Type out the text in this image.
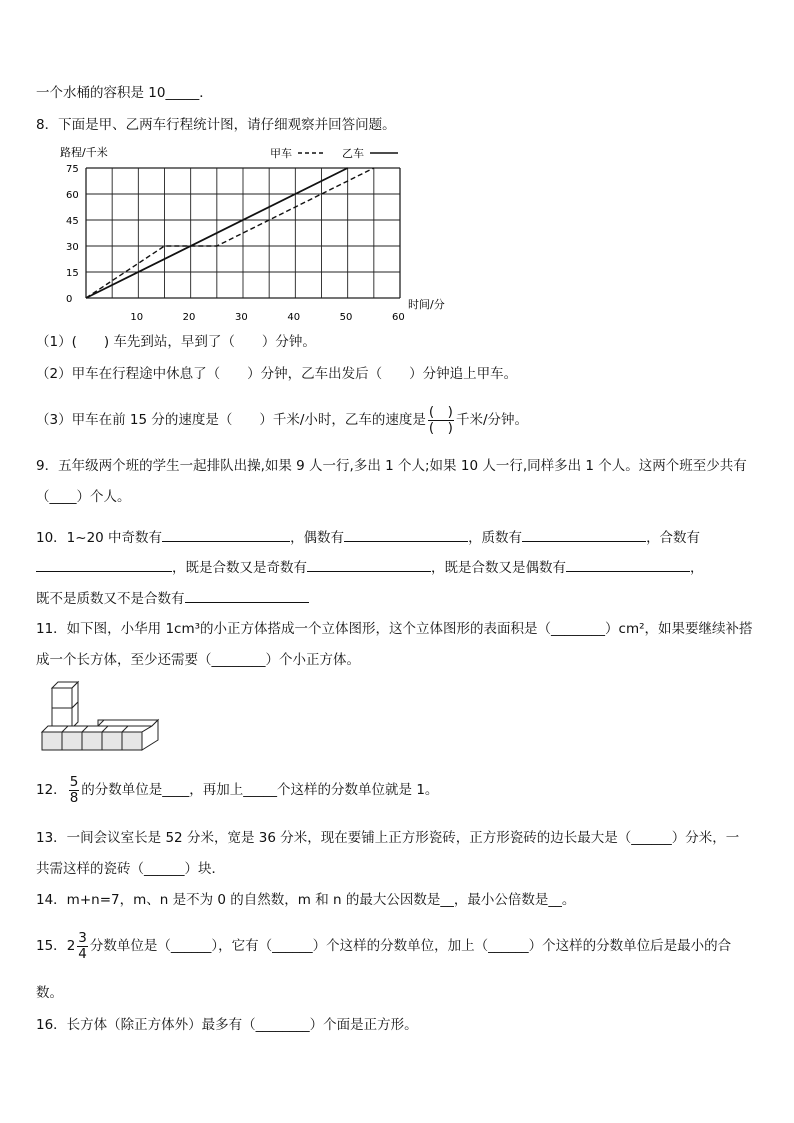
一个水桶的容积是 10_____．
8．下面是甲、乙两车行程统计图，请仔细观察并回答问题。
路程/千米	甲车	乙车
0
15
30
45
60
75
10	20	30	40	50	60
时间/分
（1）(　　) 车先到站，早到了（　　）分钟。
（2）甲车在行程途中休息了（　　）分钟，乙车出发后（　　）分钟追上甲车。
（3）甲车在前 15 分的速度是（　　）千米/小时，乙车的速度是 $\frac{( )}{( )}$ 千米/分钟。
9．五年级两个班的学生一起排队出操,如果 9 人一行,多出 1 个人;如果 10 人一行,同样多出 1 个人。这两个班至少共有
（____）个人。
10．1~20 中奇数有	，偶数有	，质数有	，合数有
，既是合数又是奇数有	，既是合数又是偶数有	，
既不是质数又不是合数有
11．如下图，小华用 1cm³的小正方体搭成一个立体图形，这个立体图形的表面积是（________）cm²，如果要继续补搭
成一个长方体，至少还需要（________）个小正方体。
12． $\frac{5}{8}$ 的分数单位是____，再加上_____个这样的分数单位就是 1。
13．一间会议室长是 52 分米，宽是 36 分米，现在要铺上正方形瓷砖，正方形瓷砖的边长最大是（______）分米，一
共需这样的瓷砖（______）块．
14．m+n=7，m、n 是不为 0 的自然数，m 和 n 的最大公因数是__，最小公倍数是__。
15．$2 \frac{3}{4}$ 分数单位是（______），它有（______）个这样的分数单位，加上（______）个这样的分数单位后是最小的合
数。
16．长方体（除正方体外）最多有（________）个面是正方形。
